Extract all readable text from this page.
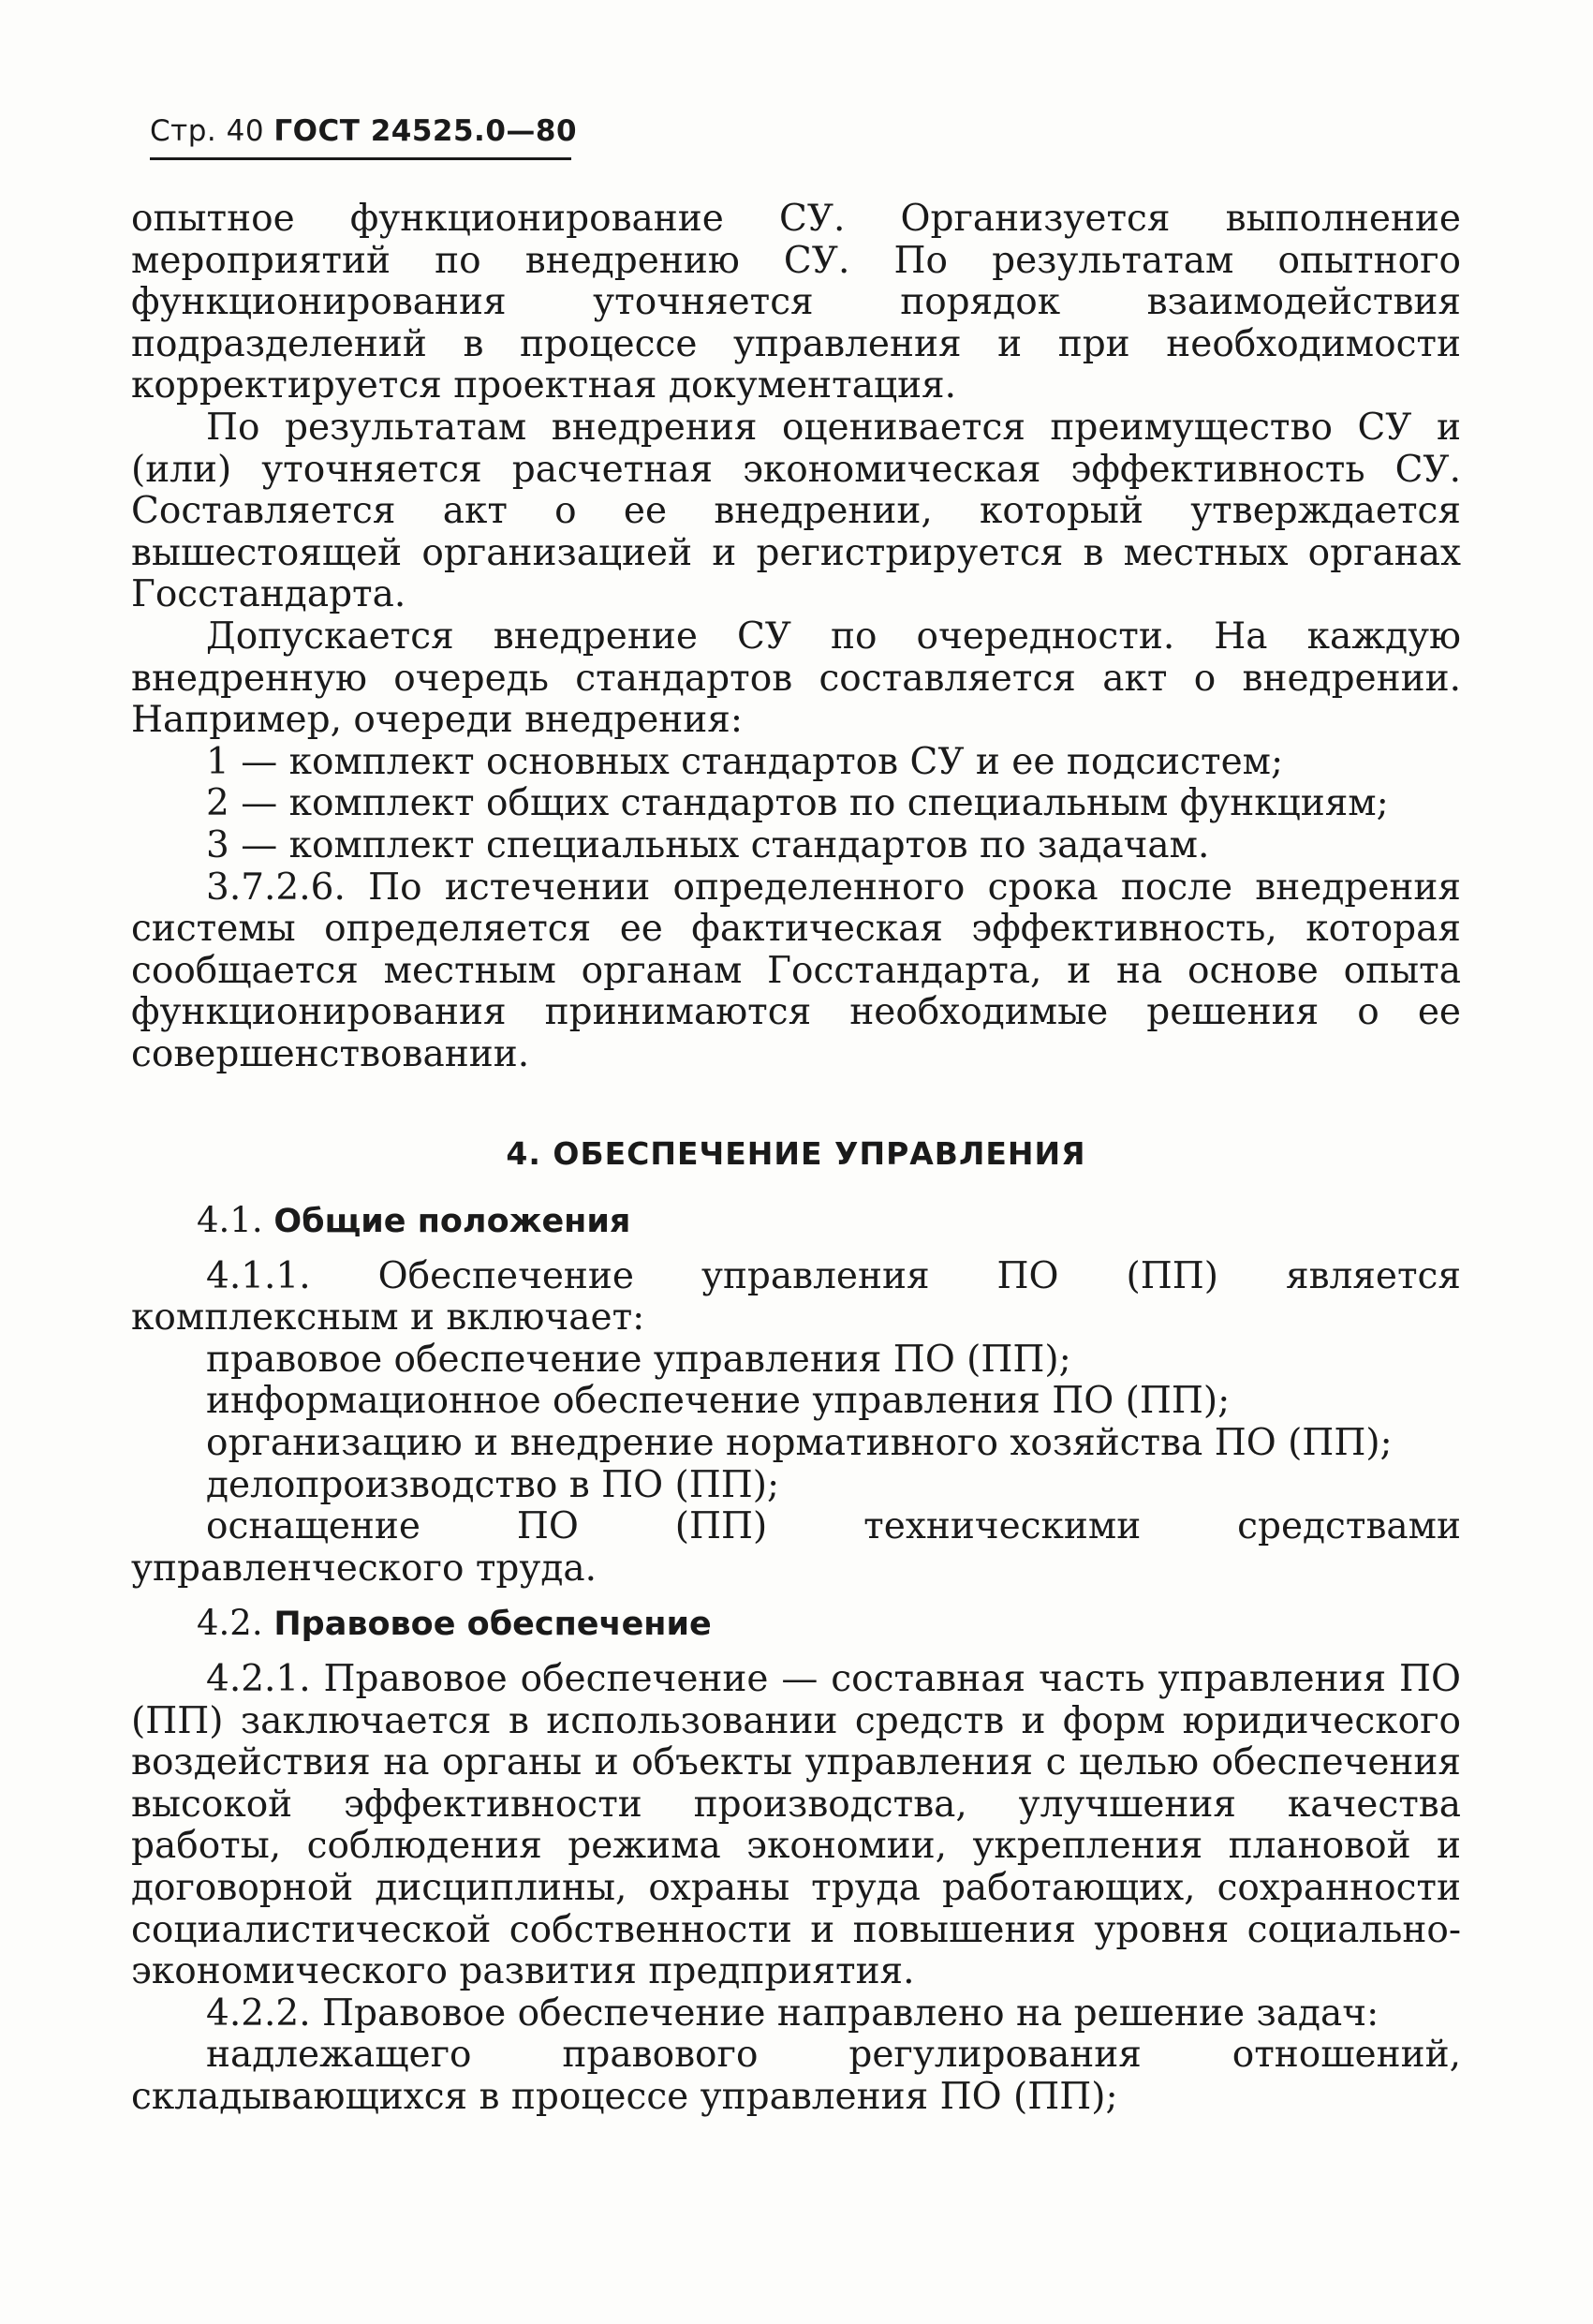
Стр. 40 ГОСТ 24525.0—80

опытное функционирование СУ. Организуется выполнение мероприятий по внедрению СУ. По результатам опытного функционирования уточняется порядок взаимодействия подразделений в процессе управления и при необходимости корректируется проектная документация.

По результатам внедрения оценивается преимущество СУ и (или) уточняется расчетная экономическая эффективность СУ. Составляется акт о ее внедрении, который утверждается вышестоящей организацией и регистрируется в местных органах Госстандарта.

Допускается внедрение СУ по очередности. На каждую внедренную очередь стандартов составляется акт о внедрении. Например, очереди внедрения:

1 — комплект основных стандартов СУ и ее подсистем;

2 — комплект общих стандартов по специальным функциям;

3 — комплект специальных стандартов по задачам.

3.7.2.6. По истечении определенного срока после внедрения системы определяется ее фактическая эффективность, которая сообщается местным органам Госстандарта, и на основе опыта функционирования принимаются необходимые решения о ее совершенствовании.

4. ОБЕСПЕЧЕНИЕ УПРАВЛЕНИЯ
4.1. Общие положения

4.1.1. Обеспечение управления ПО (ПП) является комплексным и включает:

правовое обеспечение управления ПО (ПП);

информационное обеспечение управления ПО (ПП);

организацию и внедрение нормативного хозяйства ПО (ПП);

делопроизводство в ПО (ПП);

оснащение ПО (ПП) техническими средствами управленческого труда.

4.2. Правовое обеспечение

4.2.1. Правовое обеспечение — составная часть управления ПО (ПП) заключается в использовании средств и форм юридического воздействия на органы и объекты управления с целью обеспечения высокой эффективности производства, улучшения качества работы, соблюдения режима экономии, укрепления плановой и договорной дисциплины, охраны труда работающих, сохранности социалистической собственности и повышения уровня социально-экономического развития предприятия.

4.2.2. Правовое обеспечение направлено на решение задач:

надлежащего правового регулирования отношений, складывающихся в процессе управления ПО (ПП);
